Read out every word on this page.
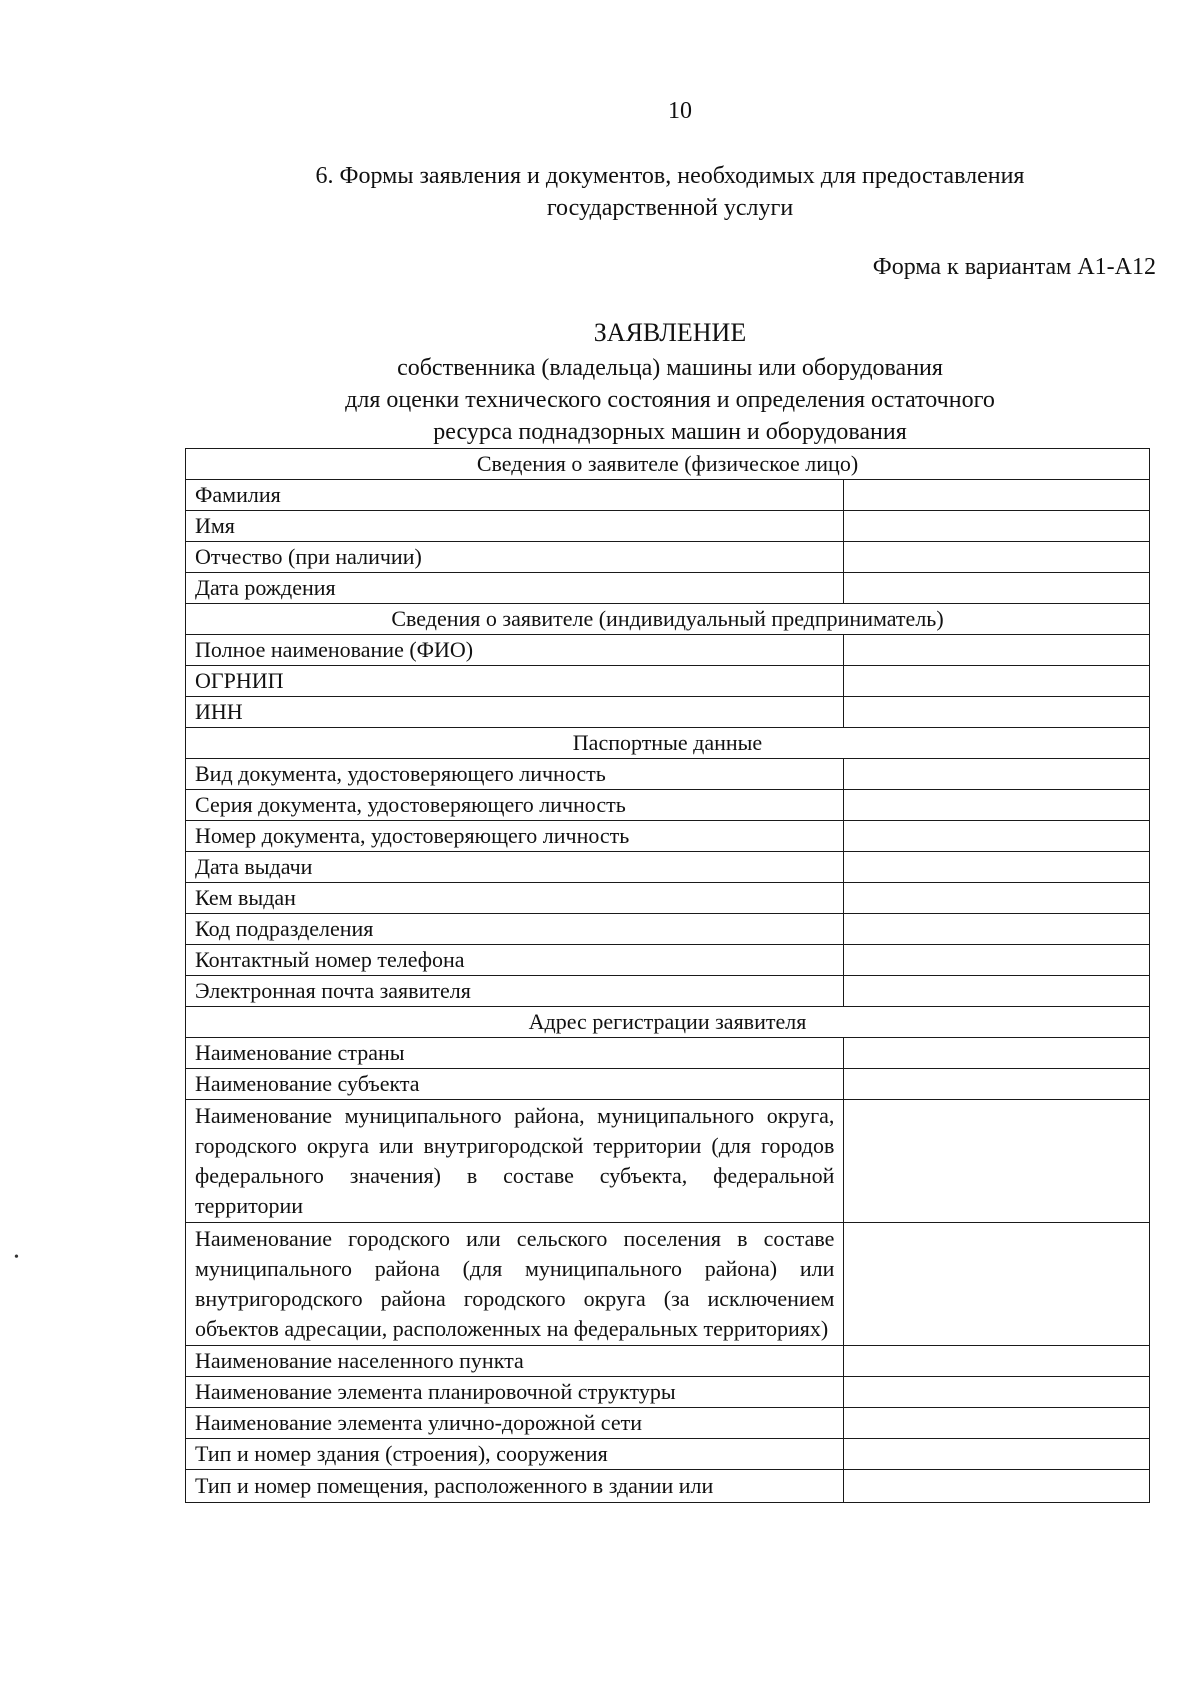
10
6. Формы заявления и документов, необходимых для предоставления
государственной услуги
Форма к вариантам А1-А12
ЗАЯВЛЕНИЕ
собственника (владельца) машины или оборудования
для оценки технического состояния и определения остаточного
ресурса поднадзорных машин и оборудования
Сведения о заявителе (физическое лицо)	
Фамилия	
Имя	
Отчество (при наличии)	
Дата рождения	
Сведения о заявителе (индивидуальный предприниматель)	
Полное наименование (ФИО)	
ОГРНИП	
ИНН	
Паспортные данные	
Вид документа, удостоверяющего личность	
Серия документа, удостоверяющего личность	
Номер документа, удостоверяющего личность	
Дата выдачи	
Кем выдан	
Код подразделения	
Контактный номер телефона	
Электронная почта заявителя	
Адрес регистрации заявителя	
Наименование страны	
Наименование субъекта	
Наименование муниципального района, муниципального округа, городского округа или внутригородской территории (для городов федерального значения) в составе субъекта, федеральной территории	
Наименование городского или сельского поселения в составе муниципального района (для муниципального района) или внутригородского района городского округа (за исключением объектов адресации, расположенных на федеральных территориях)	
Наименование населенного пункта	
Наименование элемента планировочной структуры	
Наименование элемента улично-дорожной сети	
Тип и номер здания (строения), сооружения	
Тип и номер помещения, расположенного в здании или	
•
